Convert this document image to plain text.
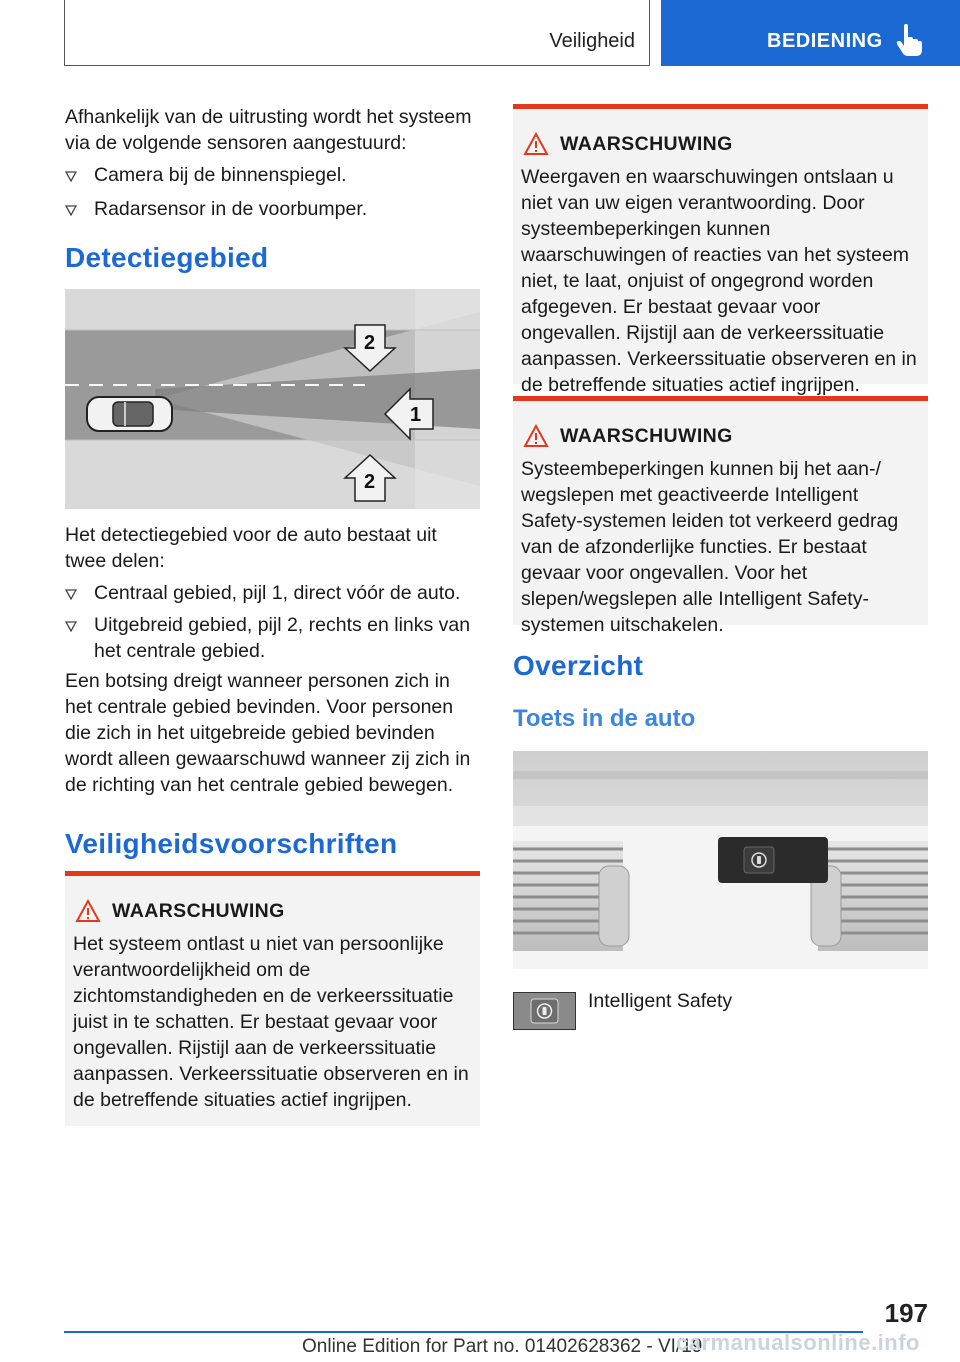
Veiligheid	BEDIENING
Afhankelijk van de uitrusting wordt het systeem via de volgende sensoren aangestuurd:
Camera bij de binnenspiegel.
Radarsensor in de voorbumper.
Detectiegebied
1
2
2
Het detectiegebied voor de auto bestaat uit twee delen:
Centraal gebied, pijl 1, direct vóór de auto.
Uitgebreid gebied, pijl 2, rechts en links van het centrale gebied.
Een botsing dreigt wanneer personen zich in het centrale gebied bevinden. Voor personen die zich in het uitgebreide gebied bevinden wordt alleen gewaarschuwd wanneer zij zich in de richting van het centrale gebied bewegen.
Veiligheidsvoorschriften
WAARSCHUWING
Het systeem ontlast u niet van persoonlijke verantwoordelijkheid om de zichtomstandigheden en de verkeerssituatie juist in te schatten. Er bestaat gevaar voor ongevallen. Rijstijl aan de verkeerssituatie aanpassen. Verkeerssituatie observeren en in de betreffende situaties actief ingrijpen.
WAARSCHUWING
Weergaven en waarschuwingen ontslaan u niet van uw eigen verantwoording. Door systeembeperkingen kunnen waarschuwingen of reacties van het systeem niet, te laat, onjuist of ongegrond worden afgegeven. Er bestaat gevaar voor ongevallen. Rijstijl aan de verkeerssituatie aanpassen. Verkeerssituatie observeren en in de betreffende situaties actief ingrijpen.
WAARSCHUWING
Systeembeperkingen kunnen bij het aan-/ wegslepen met geactiveerde Intelligent Safety-systemen leiden tot verkeerd gedrag van de afzonderlijke functies. Er bestaat gevaar voor ongevallen. Voor het slepen/wegslepen alle Intelligent Safety-systemen uitschakelen.
Overzicht
Toets in de auto
Intelligent Safety
197
Online Edition for Part no. 01402628362 - VI/19
carmanualsonline.info
